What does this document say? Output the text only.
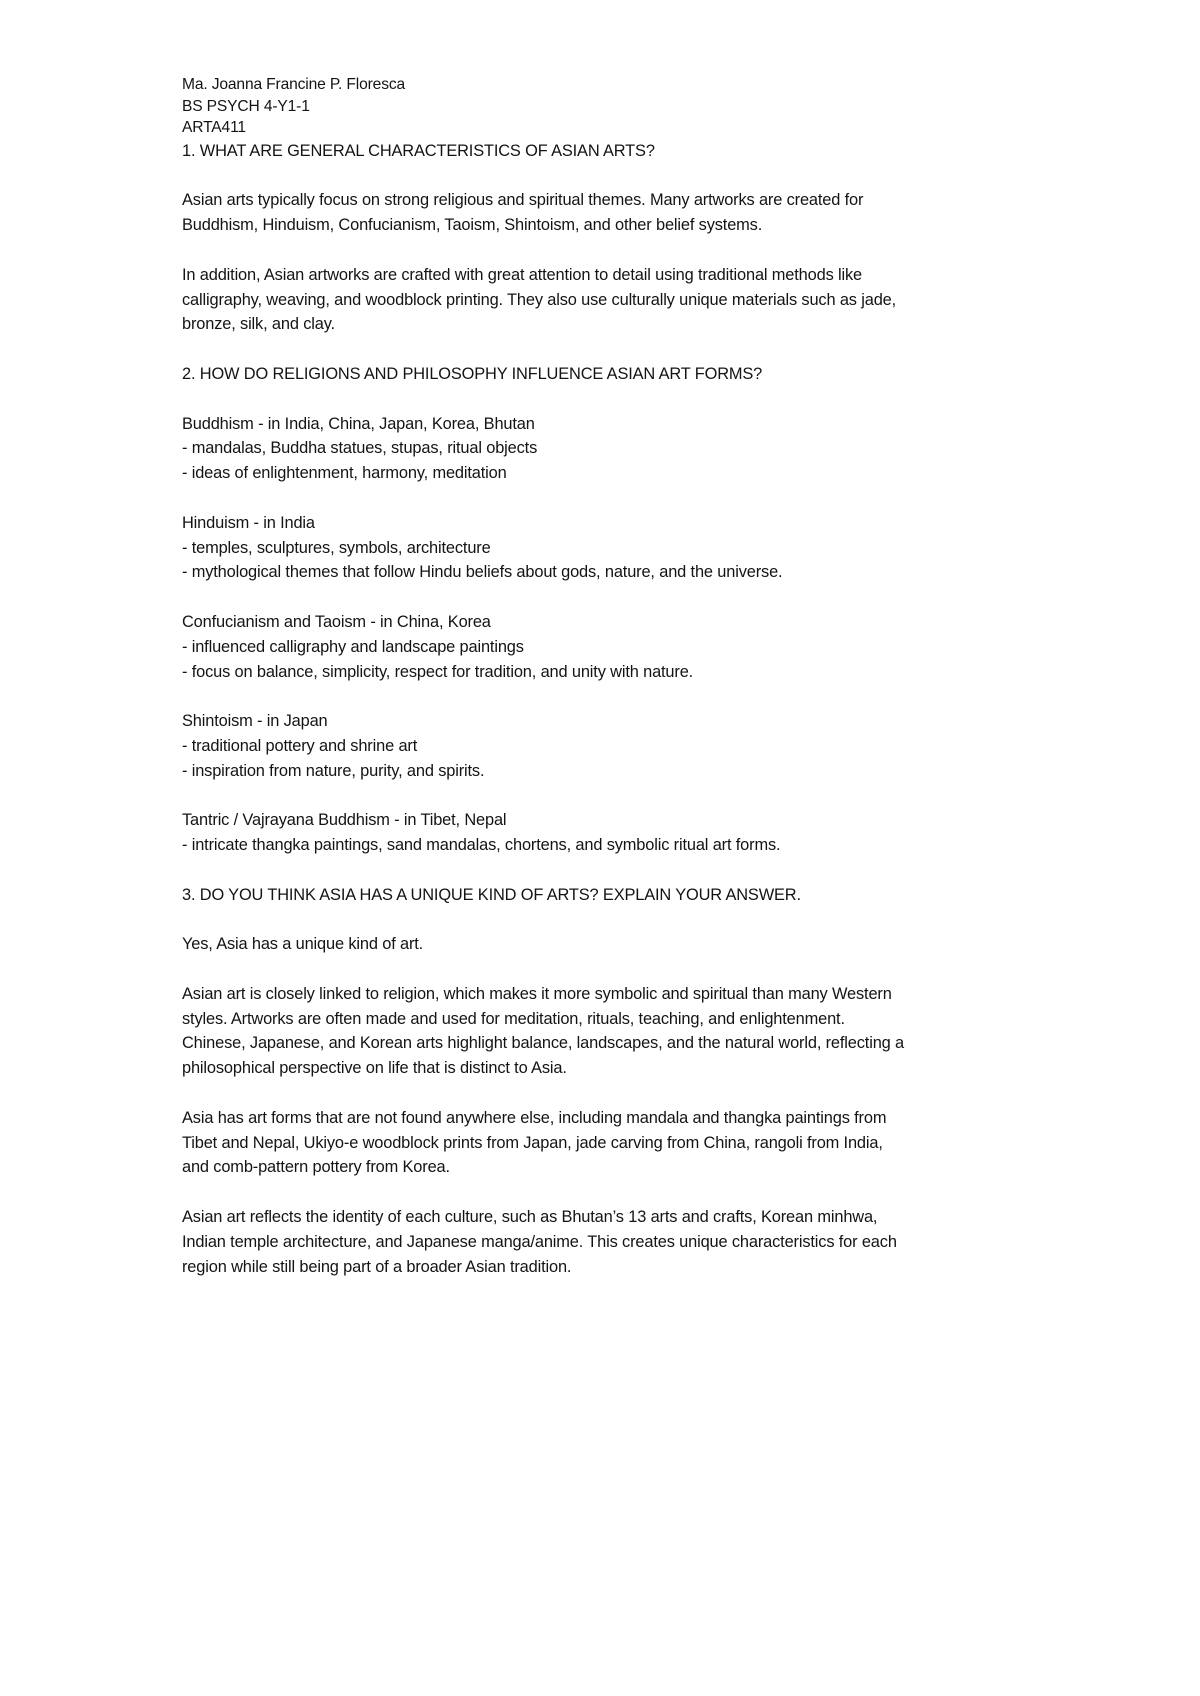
Ma. Joanna Francine P. Floresca
BS PSYCH 4-Y1-1
ARTA411
1. WHAT ARE GENERAL CHARACTERISTICS OF ASIAN ARTS?
Asian arts typically focus on strong religious and spiritual themes. Many artworks are created for
Buddhism, Hinduism, Confucianism, Taoism, Shintoism, and other belief systems.
In addition, Asian artworks are crafted with great attention to detail using traditional methods like
calligraphy, weaving, and woodblock printing. They also use culturally unique materials such as jade,
bronze, silk, and clay.
2. HOW DO RELIGIONS AND PHILOSOPHY INFLUENCE ASIAN ART FORMS?
Buddhism - in India, China, Japan, Korea, Bhutan
- mandalas, Buddha statues, stupas, ritual objects
- ideas of enlightenment, harmony, meditation
Hinduism - in India
- temples, sculptures, symbols, architecture
- mythological themes that follow Hindu beliefs about gods, nature, and the universe.
Confucianism and Taoism - in China, Korea
- influenced calligraphy and landscape paintings
- focus on balance, simplicity, respect for tradition, and unity with nature.
Shintoism - in Japan
- traditional pottery and shrine art
- inspiration from nature, purity, and spirits.
Tantric / Vajrayana Buddhism - in Tibet, Nepal
- intricate thangka paintings, sand mandalas, chortens, and symbolic ritual art forms.
3. DO YOU THINK ASIA HAS A UNIQUE KIND OF ARTS? EXPLAIN YOUR ANSWER.
Yes, Asia has a unique kind of art.
Asian art is closely linked to religion, which makes it more symbolic and spiritual than many Western
styles. Artworks are often made and used for meditation, rituals, teaching, and enlightenment.
Chinese, Japanese, and Korean arts highlight balance, landscapes, and the natural world, reflecting a
philosophical perspective on life that is distinct to Asia.
Asia has art forms that are not found anywhere else, including mandala and thangka paintings from
Tibet and Nepal, Ukiyo-e woodblock prints from Japan, jade carving from China, rangoli from India,
and comb-pattern pottery from Korea.
Asian art reflects the identity of each culture, such as Bhutan’s 13 arts and crafts, Korean minhwa,
Indian temple architecture, and Japanese manga/anime. This creates unique characteristics for each
region while still being part of a broader Asian tradition.
